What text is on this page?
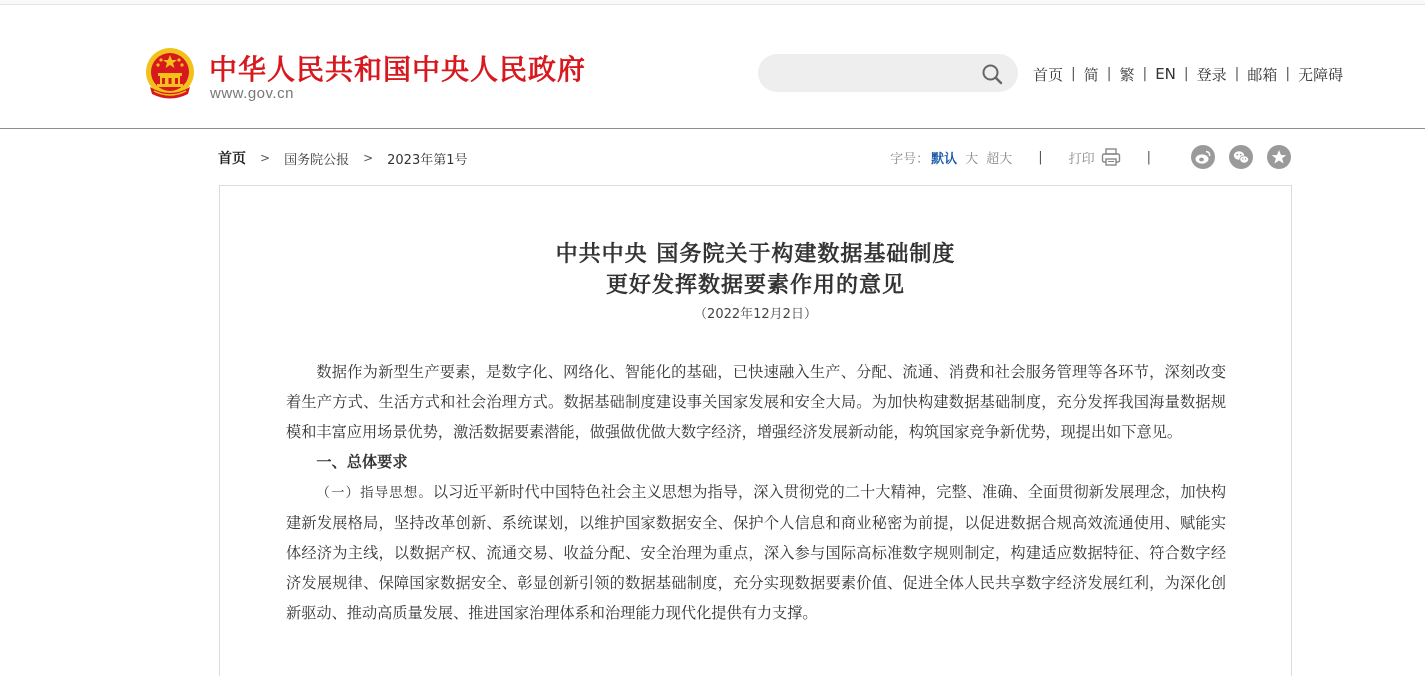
中华人民共和国中央人民政府
www.gov.cn
首页 | 简 | 繁 | EN | 登录 | 邮箱 | 无障碍
首页 > 国务院公报 > 2023年第1号	字号： 默认 大 超大 | 打印	|
中共中央 国务院关于构建数据基础制度
更好发挥数据要素作用的意见
（2022年12月2日）

数据作为新型生产要素，是数字化、网络化、智能化的基础，已快速融入生产、分配、流通、消费和社会服务管理等各环节，深刻改变着生产方式、生活方式和社会治理方式。数据基础制度建设事关国家发展和安全大局。为加快构建数据基础制度，充分发挥我国海量数据规模和丰富应用场景优势，激活数据要素潜能，做强做优做大数字经济，增强经济发展新动能，构筑国家竞争新优势，现提出如下意见。

一、总体要求

（一）指导思想。以习近平新时代中国特色社会主义思想为指导，深入贯彻党的二十大精神，完整、准确、全面贯彻新发展理念，加快构建新发展格局，坚持改革创新、系统谋划，以维护国家数据安全、保护个人信息和商业秘密为前提，以促进数据合规高效流通使用、赋能实体经济为主线，以数据产权、流通交易、收益分配、安全治理为重点，深入参与国际高标准数字规则制定，构建适应数据特征、符合数字经济发展规律、保障国家数据安全、彰显创新引领的数据基础制度，充分实现数据要素价值、促进全体人民共享数字经济发展红利，为深化创新驱动、推动高质量发展、推进国家治理体系和治理能力现代化提供有力支撑。
